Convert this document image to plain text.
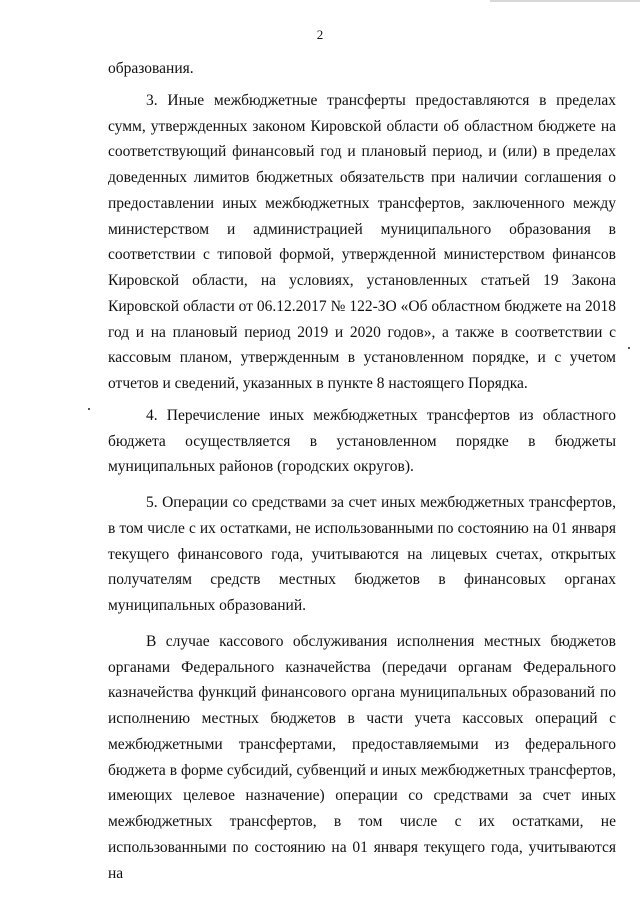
2

образования.

3. Иные межбюджетные трансферты предоставляются в пределах сумм, утвержденных законом Кировской области об областном бюджете на соответствующий финансовый год и плановый период, и (или) в пределах доведенных лимитов бюджетных обязательств при наличии соглашения о предоставлении иных межбюджетных трансфертов, заключенного между министерством и администрацией муниципального образования в соответствии с типовой формой, утвержденной министерством финансов Кировской области, на условиях, установленных статьей 19 Закона Кировской области от 06.12.2017 № 122-ЗО «Об областном бюджете на 2018 год и на плановый период 2019 и 2020 годов», а также в соответствии с кассовым планом, утвержденным в установленном порядке, и с учетом отчетов и сведений, указанных в пункте 8 настоящего Порядка.

4. Перечисление иных межбюджетных трансфертов из областного бюджета осуществляется в установленном порядке в бюджеты муниципальных районов (городских округов).

5. Операции со средствами за счет иных межбюджетных трансфертов, в том числе с их остатками, не использованными по состоянию на 01 января текущего финансового года, учитываются на лицевых счетах, открытых получателям средств местных бюджетов в финансовых органах муниципальных образований.

В случае кассового обслуживания исполнения местных бюджетов органами Федерального казначейства (передачи органам Федерального казначейства функций финансового органа муниципальных образований по исполнению местных бюджетов в части учета кассовых операций с межбюджетными трансфертами, предоставляемыми из федерального бюджета в форме субсидий, субвенций и иных межбюджетных трансфертов, имеющих целевое назначение) операции со средствами за счет иных межбюджетных трансфертов, в том числе с их остатками, не использованными по состоянию на 01 января текущего года, учитываются на
